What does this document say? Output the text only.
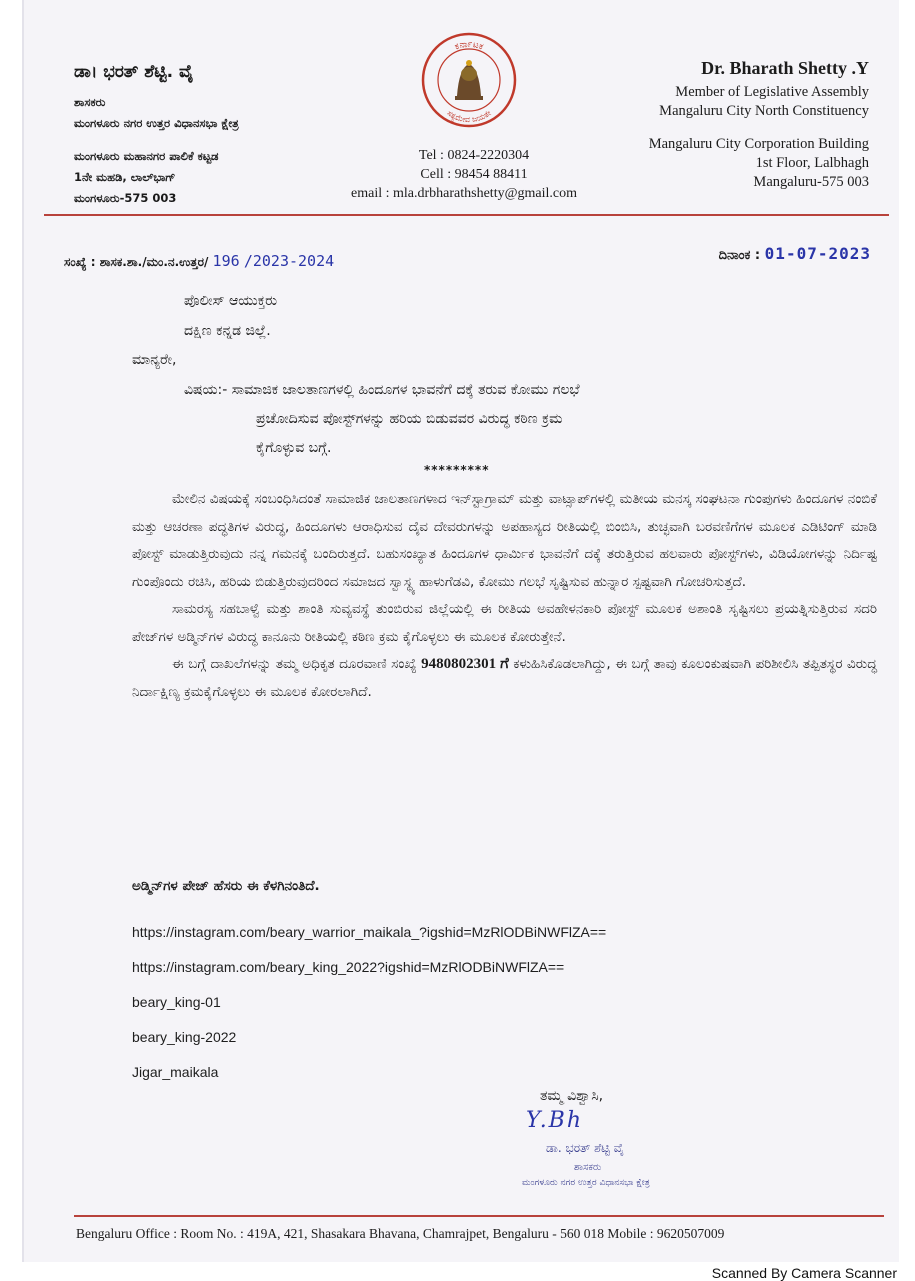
ಡಾ। ಭರತ್ ಶೆಟ್ಟಿ. ವೈ
ಶಾಸಕರು
ಮಂಗಳೂರು ನಗರ ಉತ್ತರ ವಿಧಾನಸಭಾ ಕ್ಷೇತ್ರ
ಮಂಗಳೂರು ಮಹಾನಗರ ಪಾಲಿಕೆ ಕಟ್ಟಡ
1ನೇ ಮಹಡಿ, ಲಾಲ್‌ಭಾಗ್
ಮಂಗಳೂರು-575 003
ಕರ್ನಾಟಕ
ಸತ್ಯಮೇವ ಜಯತೇ
Dr. Bharath Shetty .Y
Member of Legislative Assembly
Mangaluru City North Constituency
Mangaluru City Corporation Building
1st Floor, Lalbhagh
Mangaluru-575 003
Tel : 0824-2220304
Cell : 98454 88411
email : mla.drbharathshetty@gmail.com
ಸಂಖ್ಯೆ : ಶಾಸಕ.ಶಾ./ಮಂ.ನ.ಉತ್ತರ/ 196 /2023-2024	ದಿನಾಂಕ : 01-07-2023
ಪೊಲೀಸ್ ಆಯುಕ್ತರು
ದಕ್ಷಿಣ ಕನ್ನಡ ಜಿಲ್ಲೆ.
ಮಾನ್ಯರೇ,
ವಿಷಯ:- ಸಾಮಾಜಿಕ ಜಾಲತಾಣಗಳಲ್ಲಿ ಹಿಂದೂಗಳ ಭಾವನೆಗೆ ದಕ್ಕೆ ತರುವ ಕೋಮು ಗಲಭೆ
ಪ್ರಚೋದಿಸುವ ಪೋಸ್ಟ್‌ಗಳನ್ನು ಹರಿಯ ಬಿಡುವವರ ವಿರುದ್ಧ ಕಠಿಣ ಕ್ರಮ
ಕೈಗೊಳ್ಳುವ ಬಗ್ಗೆ.
*********

ಮೇಲಿನ ವಿಷಯಕ್ಕೆ ಸಂಬಂಧಿಸಿದಂತೆ ಸಾಮಾಜಿಕ ಜಾಲತಾಣಗಳಾದ ಇನ್‌ಸ್ಟಾಗ್ರಾಮ್ ಮತ್ತು ವಾಟ್ಸಾಪ್‌ಗಳಲ್ಲಿ ಮತೀಯ ಮನಸ್ಕ ಸಂಘಟನಾ ಗುಂಪುಗಳು ಹಿಂದೂಗಳ ನಂಬಿಕೆ ಮತ್ತು ಆಚರಣಾ ಪದ್ಧತಿಗಳ ವಿರುದ್ಧ, ಹಿಂದೂಗಳು ಆರಾಧಿಸುವ ದೈವ ದೇವರುಗಳನ್ನು ಅಪಹಾಸ್ಯದ ರೀತಿಯಲ್ಲಿ ಬಿಂಬಿಸಿ, ತುಚ್ಛವಾಗಿ ಬರವಣಿಗೆಗಳ ಮೂಲಕ ಎಡಿಟಿಂಗ್ ಮಾಡಿ ಪೋಸ್ಟ್ ಮಾಡುತ್ತಿರುವುದು ನನ್ನ ಗಮನಕ್ಕೆ ಬಂದಿರುತ್ತದೆ. ಬಹುಸಂಖ್ಯಾತ ಹಿಂದೂಗಳ ಧಾರ್ಮಿಕ ಭಾವನೆಗೆ ದಕ್ಕೆ ತರುತ್ತಿರುವ ಹಲವಾರು ಪೋಸ್ಟ್‌ಗಳು, ವಿಡಿಯೋಗಳನ್ನು ನಿರ್ದಿಷ್ಟ ಗುಂಪೊಂದು ರಚಿಸಿ, ಹರಿಯ ಬಿಡುತ್ತಿರುವುದರಿಂದ ಸಮಾಜದ ಸ್ವಾಸ್ಥ್ಯ ಹಾಳುಗೆಡವಿ, ಕೋಮು ಗಲಭೆ ಸೃಷ್ಟಿಸುವ ಹುನ್ನಾರ ಸ್ಪಷ್ಟವಾಗಿ ಗೋಚರಿಸುತ್ತದೆ.

ಸಾಮರಸ್ಯ ಸಹಬಾಳ್ವೆ ಮತ್ತು ಶಾಂತಿ ಸುವ್ಯವಸ್ಥೆ ತುಂಬಿರುವ ಜಿಲ್ಲೆಯಲ್ಲಿ ಈ ರೀತಿಯ ಅವಹೇಳನಕಾರಿ ಪೋಸ್ಟ್ ಮೂಲಕ ಅಶಾಂತಿ ಸೃಷ್ಟಿಸಲು ಪ್ರಯತ್ನಿಸುತ್ತಿರುವ ಸದರಿ ಪೇಜ್‌ಗಳ ಅಡ್ಮಿನ್‌ಗಳ ವಿರುದ್ಧ ಕಾನೂನು ರೀತಿಯಲ್ಲಿ ಕಠಿಣ ಕ್ರಮ ಕೈಗೊಳ್ಳಲು ಈ ಮೂಲಕ ಕೋರುತ್ತೇನೆ.

ಈ ಬಗ್ಗೆ ದಾಖಲೆಗಳನ್ನು ತಮ್ಮ ಅಧಿಕೃತ ದೂರವಾಣಿ ಸಂಖ್ಯೆ 9480802301 ಗೆ ಕಳುಹಿಸಿಕೊಡಲಾಗಿದ್ದು, ಈ ಬಗ್ಗೆ ತಾವು ಕೂಲಂಕುಷವಾಗಿ ಪರಿಶೀಲಿಸಿ ತಪ್ಪಿತಸ್ಥರ ವಿರುದ್ಧ ನಿರ್ದಾಕ್ಷಿಣ್ಯ ಕ್ರಮಕೈಗೊಳ್ಳಲು ಈ ಮೂಲಕ ಕೋರಲಾಗಿದೆ.

ಅಡ್ಮಿನ್‌ಗಳ ಪೇಜ್ ಹೆಸರು ಈ ಕೆಳಗಿನಂತಿದೆ.
https://instagram.com/beary_warrior_maikala_?igshid=MzRlODBiNWFlZA==
https://instagram.com/beary_king_2022?igshid=MzRlODBiNWFlZA==
beary_king-01
beary_king-2022
Jigar_maikala
ತಮ್ಮ ವಿಶ್ವಾಸಿ,
Y.Bh
ಡಾ. ಭರತ್ ಶೆಟ್ಟಿ ವೈ
ಶಾಸಕರು
ಮಂಗಳೂರು ನಗರ ಉತ್ತರ ವಿಧಾನಸಭಾ ಕ್ಷೇತ್ರ
Bengaluru Office : Room No. : 419A, 421, Shasakara Bhavana, Chamrajpet, Bengaluru - 560 018 Mobile : 9620507009
Scanned By Camera Scanner
